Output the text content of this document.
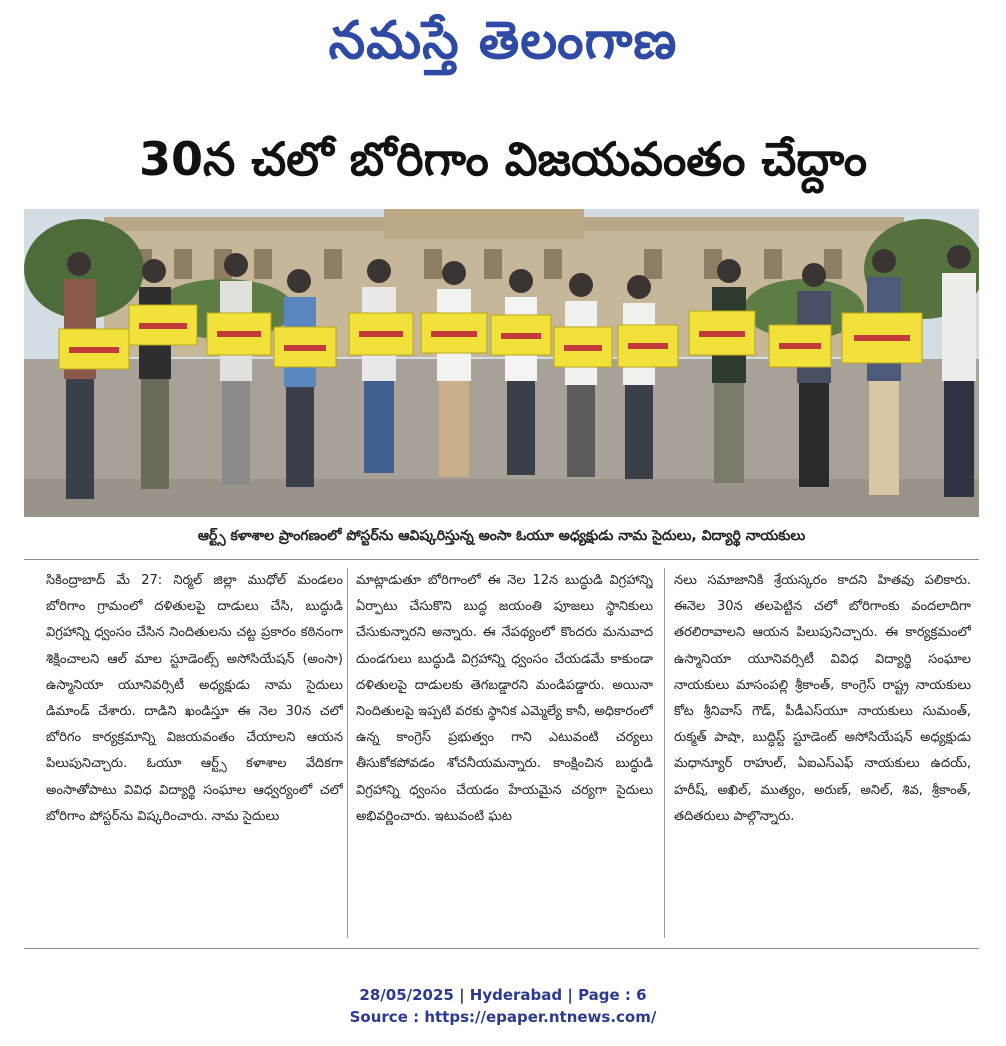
నమస్తే తెలంగాణ
30న చలో బోరిగాం విజయవంతం చేద్దాం
ఆర్ట్స్ కళాశాల ప్రాంగణంలో పోస్టర్‌ను ఆవిష్కరిస్తున్న అంసా ఓయూ అధ్యక్షుడు నామ సైదులు, విద్యార్థి నాయకులు
సికింద్రాబాద్ మే 27: నిర్మల్ జిల్లా ముధోల్ మండలం బోరిగాం గ్రామంలో దళితులపై దాడులు చేసి, బుద్ధుడి విగ్రహాన్ని ధ్వంసం చేసిన నిందితులను చట్ట ప్రకారం కఠినంగా శిక్షించాలని ఆల్ మాల స్టూడెంట్స్ అసోసియేషన్ (అంసా) ఉస్మానియా యూనివర్సిటీ అధ్యక్షుడు నామ సైదులు డిమాండ్ చేశారు. దాడిని ఖండిస్తూ ఈ నెల 30న చలో బోరిగం కార్యక్రమాన్ని విజయవంతం చేయాలని ఆయన పిలుపునిచ్చారు. ఓయూ ఆర్ట్స్ కళాశాల వేదికగా అంసాతోపాటు వివిధ విద్యార్థి సంఘాల ఆధ్వర్యంలో చలో బోరిగాం పోస్టర్‌ను విష్కరించారు. నామ సైదులు
మాట్లాడుతూ బోరిగాంలో ఈ నెల 12న బుద్ధుడి విగ్రహాన్ని ఏర్పాటు చేసుకొని బుద్ధ జయంతి పూజలు స్థానికులు చేసుకున్నారని అన్నారు. ఈ నేపథ్యంలో కొందరు మనువాద దుండగులు బుద్ధుడి విగ్రహాన్ని ధ్వంసం చేయడమే కాకుండా దళితులపై దాడులకు తెగబడ్డారని మండిపడ్డారు. అయినా నిందితులపై ఇప్పటి వరకు స్థానిక ఎమ్మెల్యే కానీ, అధికారంలో ఉన్న కాంగ్రెస్ ప్రభుత్వం గాని ఎటువంటి చర్యలు తీసుకోకపోవడం శోచనీయమన్నారు. కాంక్షించిన బుద్ధుడి విగ్రహాన్ని ధ్వంసం చేయడం హేయమైన చర్యగా సైదులు అభివర్ణించారు. ఇటువంటి ఘట
నలు సమాజానికి శ్రేయస్కరం కాదని హితవు పలికారు. ఈనెల 30న తలపెట్టిన చలో బోరిగాంకు వందలాదిగా తరలిరావాలని ఆయన పిలుపునిచ్చారు. ఈ కార్యక్రమంలో ఉస్మానియా యూనివర్సిటీ వివిధ విద్యార్థి సంఘాల నాయకులు మాసంపల్లి శ్రీకాంత్, కాంగ్రెస్ రాష్ట్ర నాయకులు కోట శ్రీనివాస్ గౌడ్, పీడీఎస్‌యూ నాయకులు సుమంత్, రుక్మత్ పాషా, బుద్ధిస్ట్ స్టూడెంట్ అసోసియేషన్ అధ్యక్షుడు మధాన్యూర్ రాహుల్, ఏఐఎస్ఎఫ్ నాయకులు ఉదయ్, హరీష్, అఖిల్, ముత్యం, అరుణ్, అనిల్, శివ, శ్రీకాంత్, తదితరులు పాల్గొన్నారు.
28/05/2025 | Hyderabad | Page : 6
Source : https://epaper.ntnews.com/
